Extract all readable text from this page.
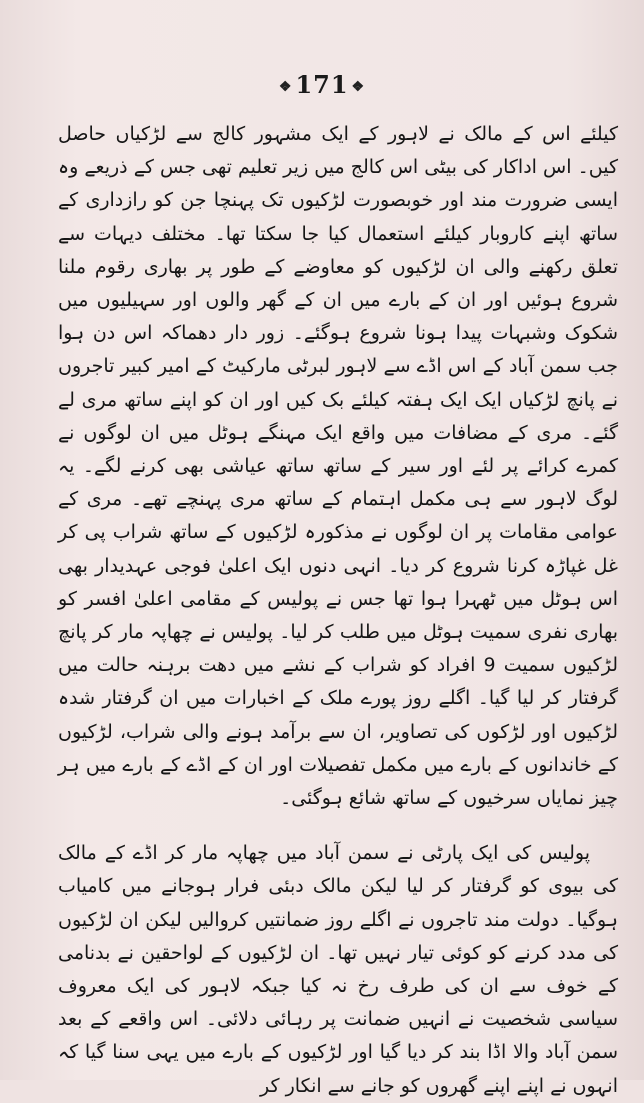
❖ 171 ❖

کیلئے اس کے مالک نے لاہور کے ایک مشہور کالج سے لڑکیاں حاصل کیں۔ اس اداکار کی بیٹی اس کالج میں زیر تعلیم تھی جس کے ذریعے وہ ایسی ضرورت مند اور خوبصورت لڑکیوں تک پہنچا جن کو رازداری کے ساتھ اپنے کاروبار کیلئے استعمال کیا جا سکتا تھا۔ مختلف دیہات سے تعلق رکھنے والی ان لڑکیوں کو معاوضے کے طور پر بھاری رقوم ملنا شروع ہوئیں اور ان کے بارے میں ان کے گھر والوں اور سہیلیوں میں شکوک وشبہات پیدا ہونا شروع ہوگئے۔ زور دار دھماکہ اس دن ہوا جب سمن آباد کے اس اڈے سے لاہور لبرٹی مارکیٹ کے امیر کبیر تاجروں نے پانچ لڑکیاں ایک ایک ہفتہ کیلئے بک کیں اور ان کو اپنے ساتھ مری لے گئے۔ مری کے مضافات میں واقع ایک مہنگے ہوٹل میں ان لوگوں نے کمرے کرائے پر لئے اور سیر کے ساتھ ساتھ عیاشی بھی کرنے لگے۔ یہ لوگ لاہور سے ہی مکمل اہتمام کے ساتھ مری پہنچے تھے۔ مری کے عوامی مقامات پر ان لوگوں نے مذکورہ لڑکیوں کے ساتھ شراب پی کر غل غپاڑہ کرنا شروع کر دیا۔ انہی دنوں ایک اعلیٰ فوجی عہدیدار بھی اس ہوٹل میں ٹھہرا ہوا تھا جس نے پولیس کے مقامی اعلیٰ افسر کو بھاری نفری سمیت ہوٹل میں طلب کر لیا۔ پولیس نے چھاپہ مار کر پانچ لڑکیوں سمیت 9 افراد کو شراب کے نشے میں دھت برہنہ حالت میں گرفتار کر لیا گیا۔ اگلے روز پورے ملک کے اخبارات میں ان گرفتار شدہ لڑکیوں اور لڑکوں کی تصاویر، ان سے برآمد ہونے والی شراب، لڑکیوں کے خاندانوں کے بارے میں مکمل تفصیلات اور ان کے اڈے کے بارے میں ہر چیز نمایاں سرخیوں کے ساتھ شائع ہوگئی۔

پولیس کی ایک پارٹی نے سمن آباد میں چھاپہ مار کر اڈے کے مالک کی بیوی کو گرفتار کر لیا لیکن مالک دبئی فرار ہوجانے میں کامیاب ہوگیا۔ دولت مند تاجروں نے اگلے روز ضمانتیں کروالیں لیکن ان لڑکیوں کی مدد کرنے کو کوئی تیار نہیں تھا۔ ان لڑکیوں کے لواحقین نے بدنامی کے خوف سے ان کی طرف رخ نہ کیا جبکہ لاہور کی ایک معروف سیاسی شخصیت نے انہیں ضمانت پر رہائی دلائی۔ اس واقعے کے بعد سمن آباد والا اڈا بند کر دیا گیا اور لڑکیوں کے بارے میں یہی سنا گیا کہ انہوں نے اپنے اپنے گھروں کو جانے سے انکار کر
